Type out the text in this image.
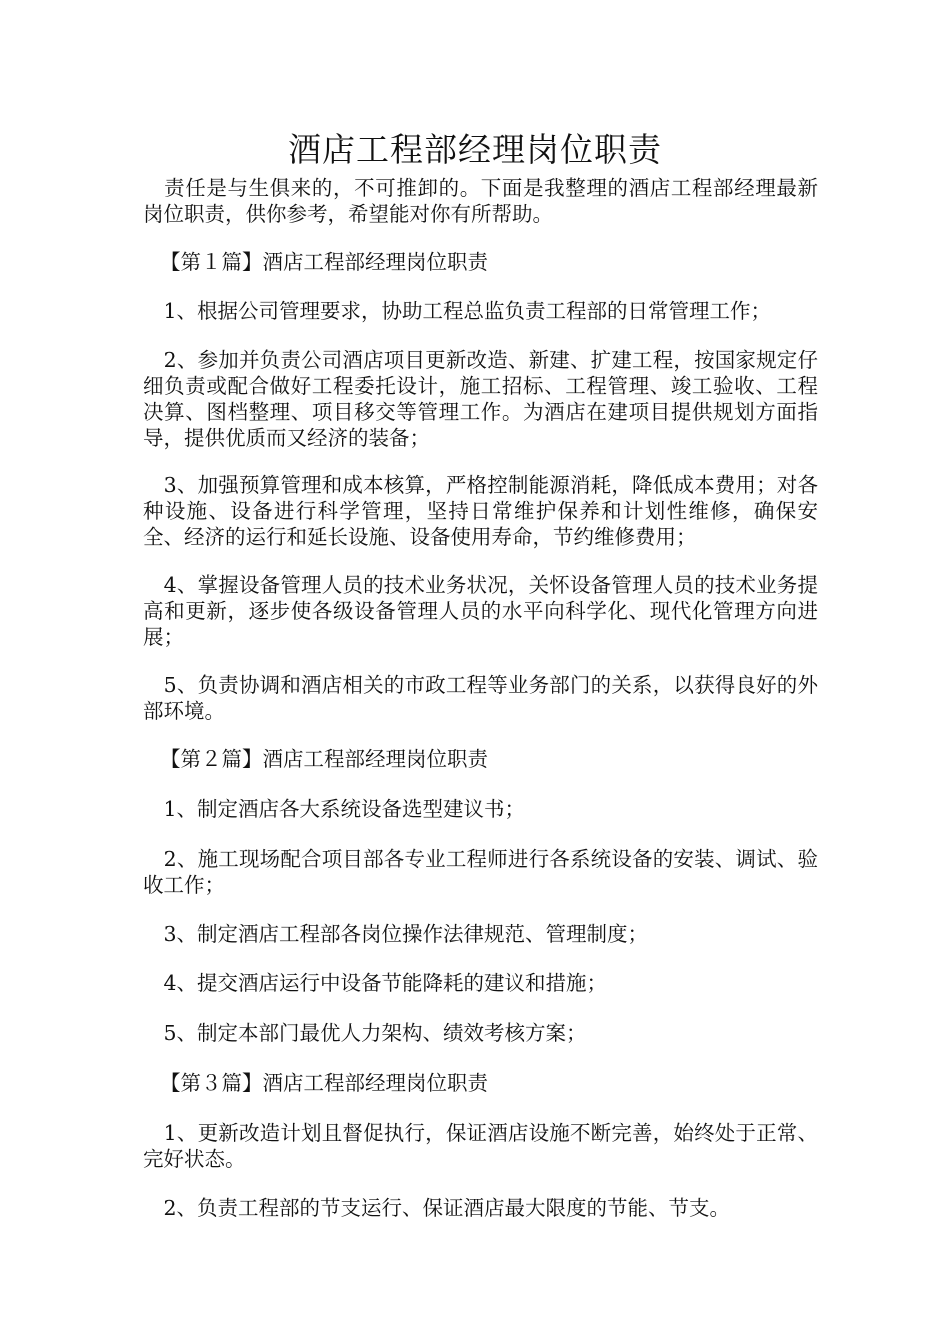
酒店工程部经理岗位职责

　责任是与生俱来的，不可推卸的。下面是我整理的酒店工程部经理最新岗位职责，供你参考，希望能对你有所帮助。

【第１篇】酒店工程部经理岗位职责

　1、根据公司管理要求，协助工程总监负责工程部的日常管理工作；

　2、参加并负责公司酒店项目更新改造、新建、扩建工程，按国家规定仔细负责或配合做好工程委托设计，施工招标、工程管理、竣工验收、工程决算、图档整理、项目移交等管理工作。为酒店在建项目提供规划方面指导，提供优质而又经济的装备；

　3、加强预算管理和成本核算，严格控制能源消耗，降低成本费用；对各种设施、设备进行科学管理，坚持日常维护保养和计划性维修，确保安全、经济的运行和延长设施、设备使用寿命，节约维修费用；

　4、掌握设备管理人员的技术业务状况，关怀设备管理人员的技术业务提高和更新，逐步使各级设备管理人员的水平向科学化、现代化管理方向进展；

　5、负责协调和酒店相关的市政工程等业务部门的关系，以获得良好的外部环境。

【第２篇】酒店工程部经理岗位职责

　1、制定酒店各大系统设备选型建议书；

　2、施工现场配合项目部各专业工程师进行各系统设备的安装、调试、验收工作；

　3、制定酒店工程部各岗位操作法律规范、管理制度；

　4、提交酒店运行中设备节能降耗的建议和措施；

　5、制定本部门最优人力架构、绩效考核方案；

【第３篇】酒店工程部经理岗位职责

　1、更新改造计划且督促执行，保证酒店设施不断完善，始终处于正常、完好状态。

　2、负责工程部的节支运行、保证酒店最大限度的节能、节支。
